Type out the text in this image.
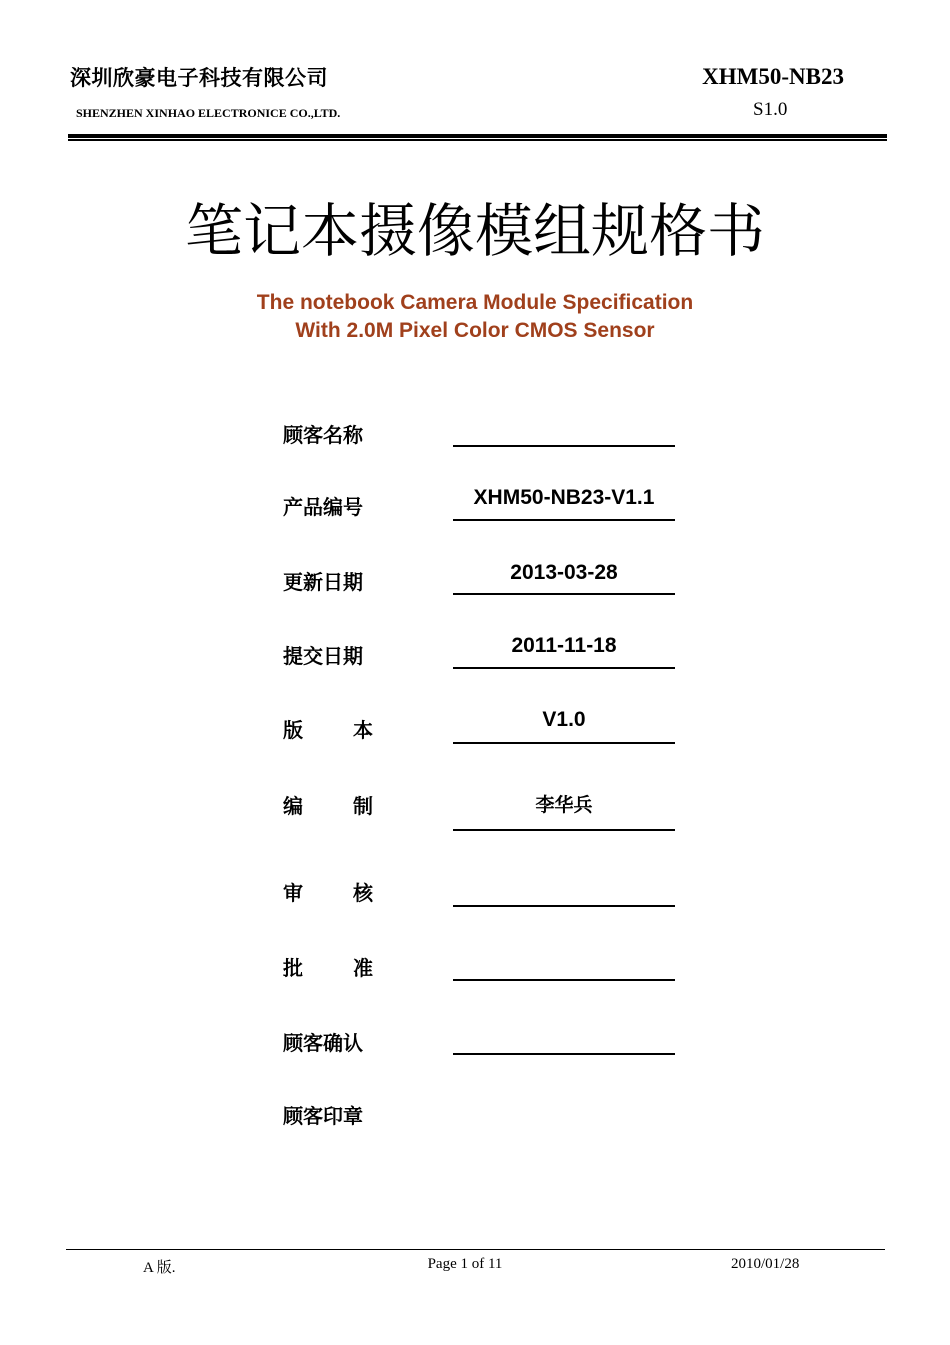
深圳欣豪电子科技有限公司
SHENZHEN XINHAO ELECTRONICE CO.,LTD.
XHM50-NB23
S1.0
笔记本摄像模组规格书
The notebook Camera Module Specification
With 2.0M Pixel Color CMOS Sensor
顾客名称
产品编号	XHM50-NB23-V1.1
更新日期	2013-03-28
提交日期	2011-11-18
版	本	V1.0
编	制	李华兵
审	核
批	准
顾客确认
顾客印章
A 版.	Page 1 of 11	2010/01/28
